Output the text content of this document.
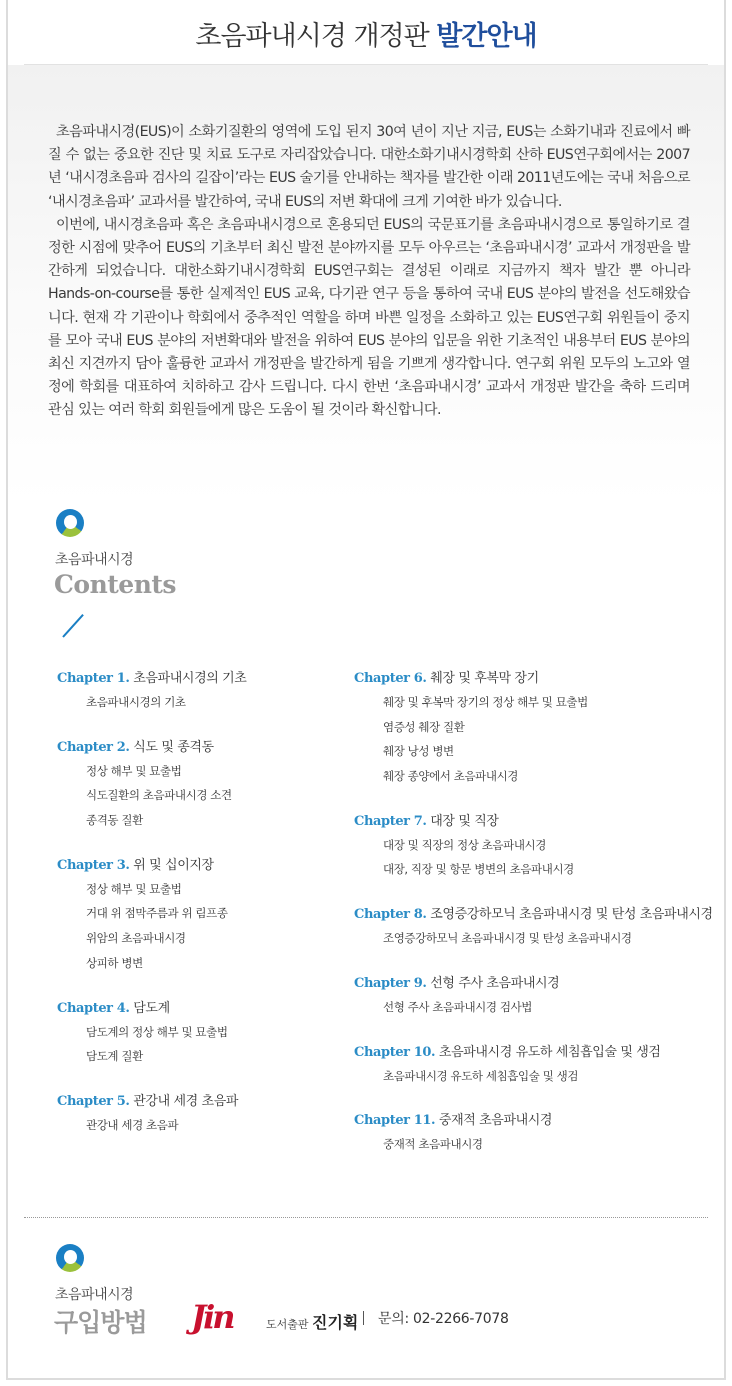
초음파내시경 개정판 발간안내

초음파내시경(EUS)이 소화기질환의 영역에 도입 된지 30여 년이 지난 지금, EUS는 소화기내과 진료에서 빠질 수 없는 중요한 진단 및 치료 도구로 자리잡았습니다. 대한소화기내시경학회 산하 EUS연구회에서는 2007년 ‘내시경초음파 검사의 길잡이’라는 EUS 술기를 안내하는 책자를 발간한 이래 2011년도에는 국내 처음으로 ‘내시경초음파’ 교과서를 발간하여, 국내 EUS의 저변 확대에 크게 기여한 바가 있습니다.

이번에, 내시경초음파 혹은 초음파내시경으로 혼용되던 EUS의 국문표기를 초음파내시경으로 통일하기로 결정한 시점에 맞추어 EUS의 기초부터 최신 발전 분야까지를 모두 아우르는 ‘초음파내시경’ 교과서 개정판을 발간하게 되었습니다. 대한소화기내시경학회 EUS연구회는 결성된 이래로 지금까지 책자 발간 뿐 아니라 Hands-on-course를 통한 실제적인 EUS 교육, 다기관 연구 등을 통하여 국내 EUS 분야의 발전을 선도해왔습니다. 현재 각 기관이나 학회에서 중추적인 역할을 하며 바쁜 일정을 소화하고 있는 EUS연구회 위원들이 중지를 모아 국내 EUS 분야의 저변확대와 발전을 위하여 EUS 분야의 입문을 위한 기초적인 내용부터 EUS 분야의 최신 지견까지 담아 훌륭한 교과서 개정판을 발간하게 됨을 기쁘게 생각합니다. 연구회 위원 모두의 노고와 열정에 학회를 대표하여 치하하고 감사 드립니다. 다시 한번 ‘초음파내시경’ 교과서 개정판 발간을 축하 드리며 관심 있는 여러 학회 회원들에게 많은 도움이 될 것이라 확신합니다.

초음파내시경
Contents
Chapter 1. 초음파내시경의 기초
초음파내시경의 기초
Chapter 2. 식도 및 종격동
정상 해부 및 묘출법
식도질환의 초음파내시경 소견
종격동 질환
Chapter 3. 위 및 십이지장
정상 해부 및 묘출법
거대 위 점막주름과 위 림프종
위암의 초음파내시경
상피하 병변
Chapter 4. 담도계
담도계의 정상 해부 및 묘출법
담도계 질환
Chapter 5. 관강내 세경 초음파
관강내 세경 초음파
Chapter 6. 췌장 및 후복막 장기
췌장 및 후복막 장기의 정상 해부 및 묘출법
염증성 췌장 질환
췌장 낭성 병변
췌장 종양에서 초음파내시경
Chapter 7. 대장 및 직장
대장 및 직장의 정상 초음파내시경
대장, 직장 및 항문 병변의 초음파내시경
Chapter 8. 조영증강하모닉 초음파내시경 및 탄성 초음파내시경
조영증강하모닉 초음파내시경 및 탄성 초음파내시경
Chapter 9. 선형 주사 초음파내시경
선형 주사 초음파내시경 검사법
Chapter 10. 초음파내시경 유도하 세침흡입술 및 생검
초음파내시경 유도하 세침흡입술 및 생검
Chapter 11. 중재적 초음파내시경
중재적 초음파내시경
초음파내시경
구입방법 Jin	도서출판 진기획 문의: 02-2266-7078
